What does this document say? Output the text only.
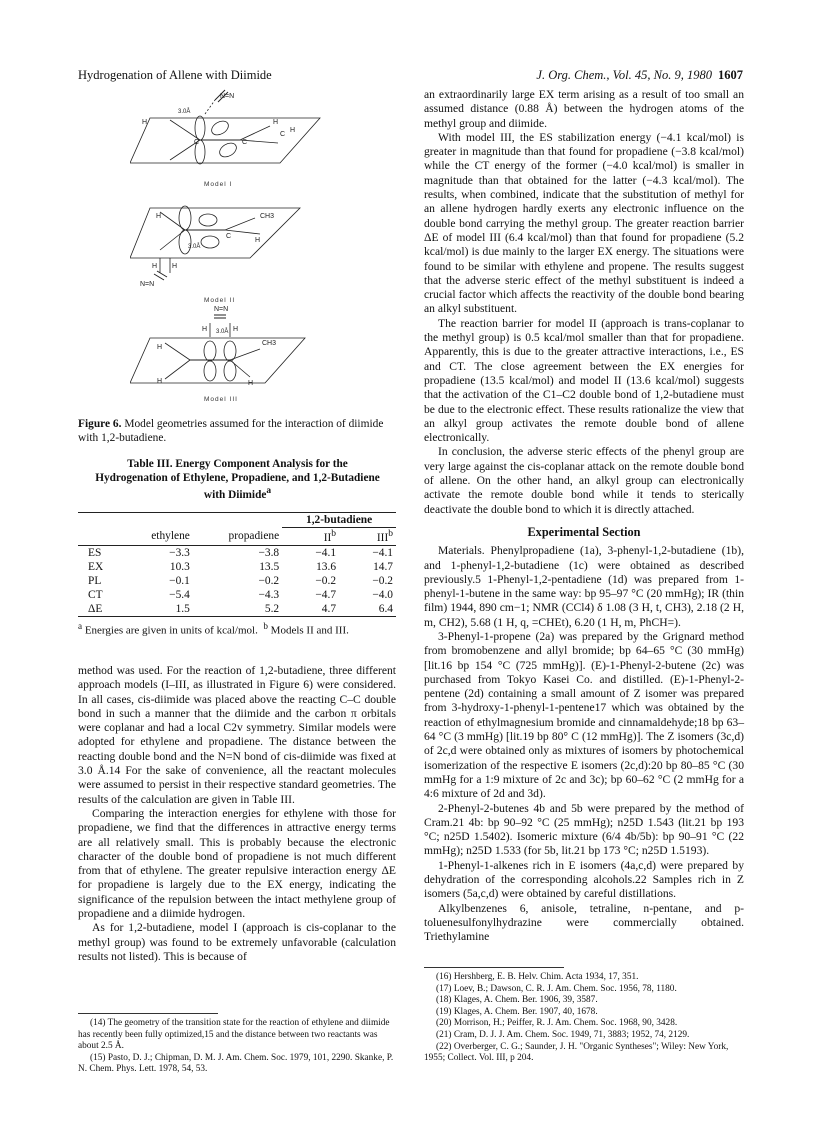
Hydrogenation of Allene with Diimide	J. Org. Chem., Vol. 45, No. 9, 1980 1607
H
C	C
H
C
H
N=N
3.0Å
Model I
H
C
CH3
H
H H
N=N
3.0Å
Model II
N=N
H	H
H
H
CH3
H
3.0Å
Model III
Figure 6. Model geometries assumed for the interaction of diimide with 1,2-butadiene.
Table III. Energy Component Analysis for the Hydrogenation of Ethylene, Propadiene, and 1,2-Butadiene with Diimide$^a$
			1,2-butadiene	
	ethylene	propadiene	$II^b$	III$^b$
ES	−3.3	−3.8	−4.1	−4.1
EX	10.3	13.5	13.6	14.7
PL	−0.1	−0.2	−0.2	−0.2
CT	−5.4	−4.3	−4.7	−4.0
ΔE	1.5	5.2	4.7	6.4
$^a$ Energies are given in units of kcal/mol. $^b$ Models II and III.

method was used. For the reaction of 1,2-butadiene, three different approach models (I–III, as illustrated in Figure 6) were considered. In all cases, cis-diimide was placed above the reacting C–C double bond in such a manner that the diimide and the carbon π orbitals were coplanar and had a local C2v symmetry. Similar models were adopted for ethylene and propadiene. The distance between the reacting double bond and the N=N bond of cis-diimide was fixed at 3.0 Å.14 For the sake of convenience, all the reactant molecules were assumed to persist in their respective standard geometries. The results of the calculation are given in Table III.

Comparing the interaction energies for ethylene with those for propadiene, we find that the differences in attractive energy terms are all relatively small. This is probably because the electronic character of the double bond of propadiene is not much different from that of ethylene. The greater repulsive interaction energy ΔE for propadiene is largely due to the EX energy, indicating the significance of the repulsion between the intact methylene group of propadiene and a diimide hydrogen.

As for 1,2-butadiene, model I (approach is cis-coplanar to the methyl group) was found to be extremely unfavorable (calculation results not listed). This is because of

(14) The geometry of the transition state for the reaction of ethylene and diimide has recently been fully optimized,15 and the distance between two reactants was about 2.5 Å.

(15) Pasto, D. J.; Chipman, D. M. J. Am. Chem. Soc. 1979, 101, 2290. Skanke, P. N. Chem. Phys. Lett. 1978, 54, 53.

an extraordinarily large EX term arising as a result of too small an assumed distance (0.88 Å) between the hydrogen atoms of the methyl group and diimide.

With model III, the ES stabilization energy (−4.1 kcal/mol) is greater in magnitude than that found for propadiene (−3.8 kcal/mol) while the CT energy of the former (−4.0 kcal/mol) is smaller in magnitude than that obtained for the latter (−4.3 kcal/mol). The results, when combined, indicate that the substitution of methyl for an allene hydrogen hardly exerts any electronic influence on the double bond carrying the methyl group. The greater reaction barrier ΔE of model III (6.4 kcal/mol) than that found for propadiene (5.2 kcal/mol) is due mainly to the larger EX energy. The situations were found to be similar with ethylene and propene. The results suggest that the adverse steric effect of the methyl substituent is indeed a crucial factor which affects the reactivity of the double bond bearing an alkyl substituent.

The reaction barrier for model II (approach is trans-coplanar to the methyl group) is 0.5 kcal/mol smaller than that for propadiene. Apparently, this is due to the greater attractive interactions, i.e., ES and CT. The close agreement between the EX energies for propadiene (13.5 kcal/mol) and model II (13.6 kcal/mol) suggests that the activation of the C1–C2 double bond of 1,2-butadiene must be due to the electronic effect. These results rationalize the view that an alkyl group activates the remote double bond of allene electronically.

In conclusion, the adverse steric effects of the phenyl group are very large against the cis-coplanar attack on the remote double bond of allene. On the other hand, an alkyl group can electronically activate the remote double bond while it tends to sterically deactivate the double bond to which it is directly attached.

Experimental Section

Materials. Phenylpropadiene (1a), 3-phenyl-1,2-butadiene (1b), and 1-phenyl-1,2-butadiene (1c) were obtained as described previously.5 1-Phenyl-1,2-pentadiene (1d) was prepared from 1-phenyl-1-butene in the same way: bp 95–97 °C (20 mmHg); IR (thin film) 1944, 890 cm−1; NMR (CCl4) δ 1.08 (3 H, t, CH3), 2.18 (2 H, m, CH2), 5.68 (1 H, q, =CHEt), 6.20 (1 H, m, PhCH=).

3-Phenyl-1-propene (2a) was prepared by the Grignard method from bromobenzene and allyl bromide; bp 64–65 °C (30 mmHg) [lit.16 bp 154 °C (725 mmHg)]. (E)-1-Phenyl-2-butene (2c) was purchased from Tokyo Kasei Co. and distilled. (E)-1-Phenyl-2-pentene (2d) containing a small amount of Z isomer was prepared from 3-hydroxy-1-phenyl-1-pentene17 which was obtained by the reaction of ethylmagnesium bromide and cinnamaldehyde;18 bp 63–64 °C (3 mmHg) [lit.19 bp 80° C (12 mmHg)]. The Z isomers (3c,d) of 2c,d were obtained only as mixtures of isomers by photochemical isomerization of the respective E isomers (2c,d):20 bp 80–85 °C (30 mmHg for a 1:9 mixture of 2c and 3c); bp 60–62 °C (2 mmHg for a 4:6 mixture of 2d and 3d).

2-Phenyl-2-butenes 4b and 5b were prepared by the method of Cram.21 4b: bp 90–92 °C (25 mmHg); n25D 1.543 (lit.21 bp 193 °C; n25D 1.5402). Isomeric mixture (6/4 4b/5b): bp 90–91 °C (22 mmHg); n25D 1.533 (for 5b, lit.21 bp 173 °C; n25D 1.5193).

1-Phenyl-1-alkenes rich in E isomers (4a,c,d) were prepared by dehydration of the corresponding alcohols.22 Samples rich in Z isomers (5a,c,d) were obtained by careful distillations.

Alkylbenzenes 6, anisole, tetraline, n-pentane, and p-toluenesulfonylhydrazine were commercially obtained. Triethylamine

(16) Hershberg, E. B. Helv. Chim. Acta 1934, 17, 351.

(17) Loev, B.; Dawson, C. R. J. Am. Chem. Soc. 1956, 78, 1180.

(18) Klages, A. Chem. Ber. 1906, 39, 3587.

(19) Klages, A. Chem. Ber. 1907, 40, 1678.

(20) Morrison, H.; Peiffer, R. J. Am. Chem. Soc. 1968, 90, 3428.

(21) Cram, D. J. J. Am. Chem. Soc. 1949, 71, 3883; 1952, 74, 2129.

(22) Overberger, C. G.; Saunder, J. H. "Organic Syntheses"; Wiley: New York, 1955; Collect. Vol. III, p 204.
